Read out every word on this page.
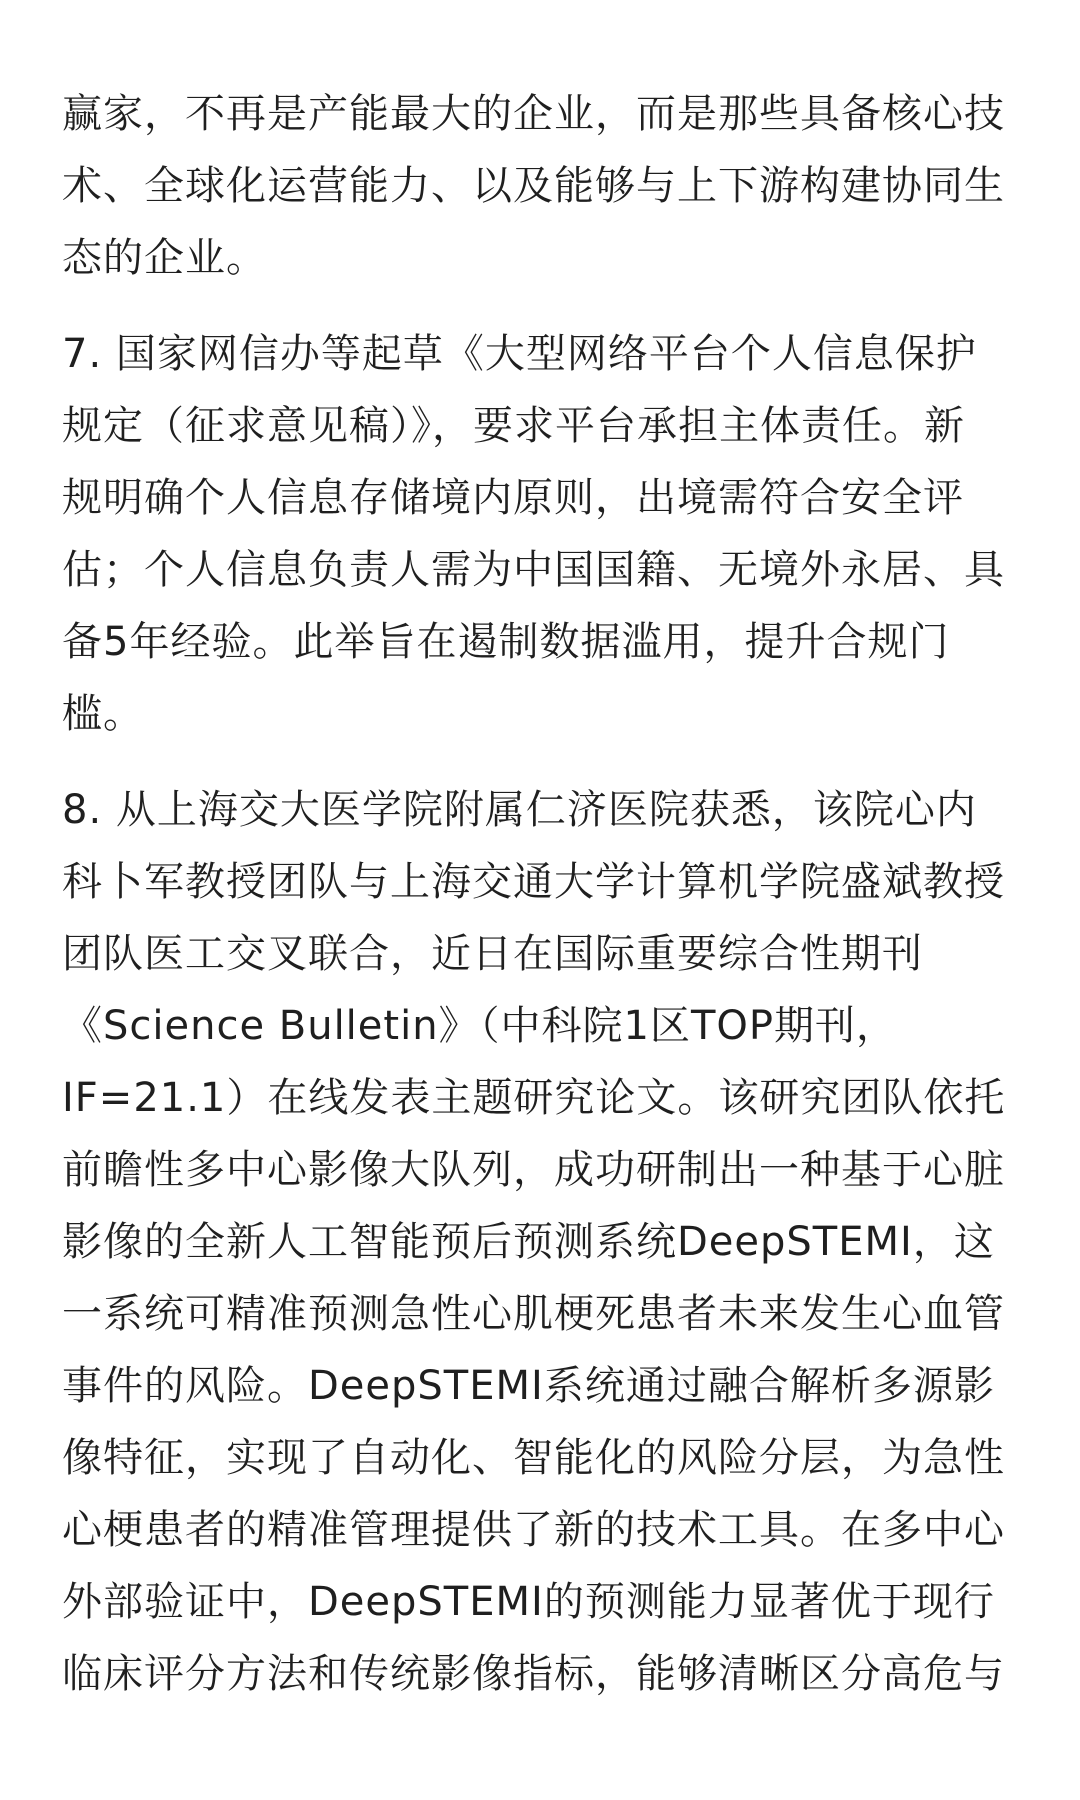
赢家，不再是产能最大的企业，而是那些具备核心技
术、全球化运营能力、以及能够与上下游构建协同生
态的企业。

7. 国家网信办等起草《大型网络平台个人信息保护
规定（征求意见稿）》，要求平台承担主体责任。新
规明确个人信息存储境内原则，出境需符合安全评
估；个人信息负责人需为中国国籍、无境外永居、具
备5年经验。此举旨在遏制数据滥用，提升合规门
槛。

8. 从上海交大医学院附属仁济医院获悉，该院心内
科卜军教授团队与上海交通大学计算机学院盛斌教授
团队医工交叉联合，近日在国际重要综合性期刊
《Science Bulletin》（中科院1区TOP期刊，
IF=21.1）在线发表主题研究论文。该研究团队依托
前瞻性多中心影像大队列，成功研制出一种基于心脏
影像的全新人工智能预后预测系统DeepSTEMI，这
一系统可精准预测急性心肌梗死患者未来发生心血管
事件的风险。DeepSTEMI系统通过融合解析多源影
像特征，实现了自动化、智能化的风险分层，为急性
心梗患者的精准管理提供了新的技术工具。在多中心
外部验证中，DeepSTEMI的预测能力显著优于现行
临床评分方法和传统影像指标，能够清晰区分高危与
